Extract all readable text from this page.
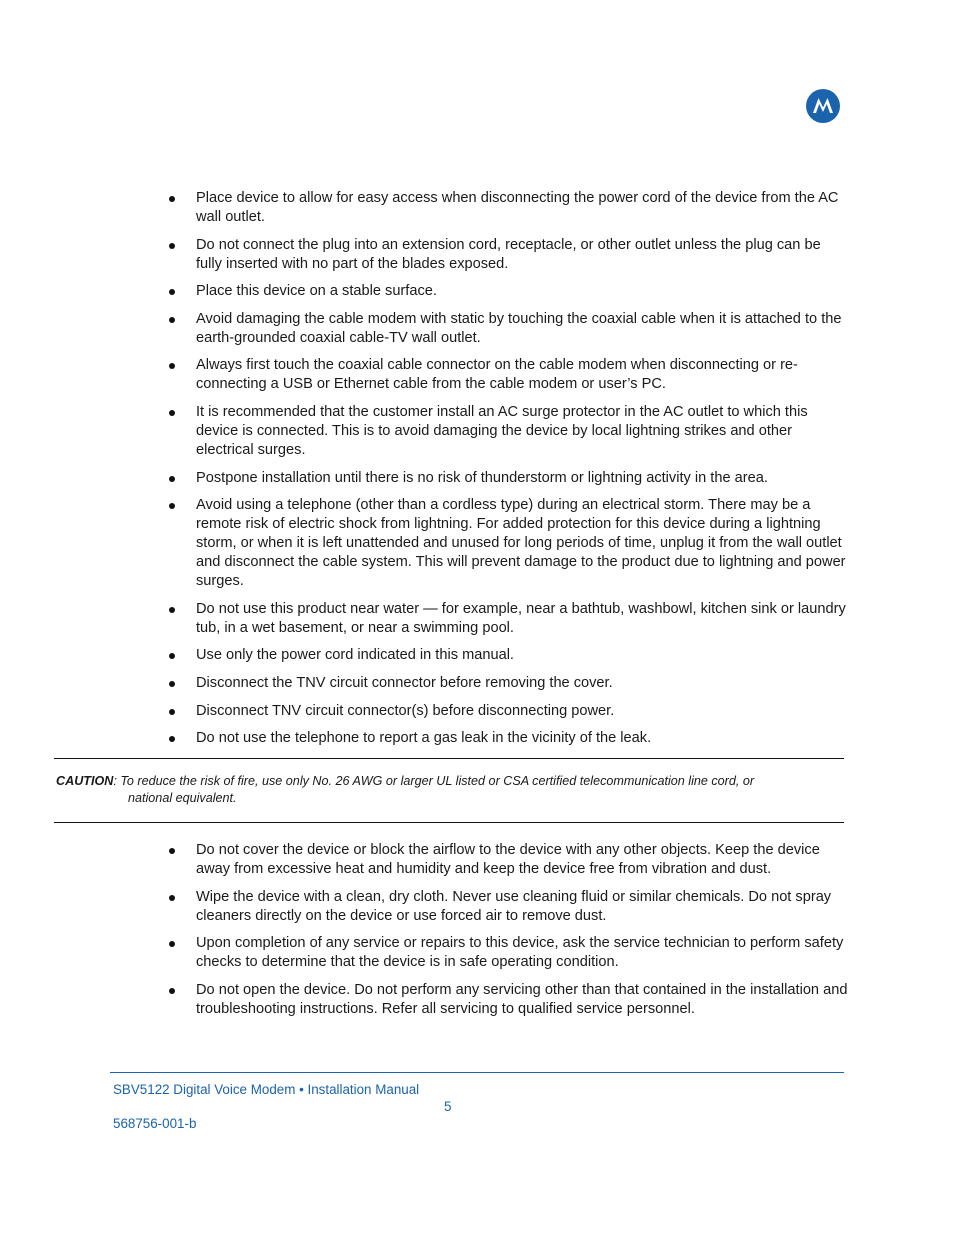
Place device to allow for easy access when disconnecting the power cord of the device from the AC wall outlet.
Do not connect the plug into an extension cord, receptacle, or other outlet unless the plug can be fully inserted with no part of the blades exposed.
Place this device on a stable surface.
Avoid damaging the cable modem with static by touching the coaxial cable when it is attached to the earth-grounded coaxial cable-TV wall outlet.
Always first touch the coaxial cable connector on the cable modem when disconnecting or re-connecting a USB or Ethernet cable from the cable modem or user’s PC.
It is recommended that the customer install an AC surge protector in the AC outlet to which this device is connected. This is to avoid damaging the device by local lightning strikes and other electrical surges.
Postpone installation until there is no risk of thunderstorm or lightning activity in the area.
Avoid using a telephone (other than a cordless type) during an electrical storm. There may be a remote risk of electric shock from lightning. For added protection for this device during a lightning storm, or when it is left unattended and unused for long periods of time, unplug it from the wall outlet and disconnect the cable system. This will prevent damage to the product due to lightning and power surges.
Do not use this product near water — for example, near a bathtub, washbowl, kitchen sink or laundry tub, in a wet basement, or near a swimming pool.
Use only the power cord indicated in this manual.
Disconnect the TNV circuit connector before removing the cover.
Disconnect TNV circuit connector(s) before disconnecting power.
Do not use the telephone to report a gas leak in the vicinity of the leak.
CAUTION: To reduce the risk of fire, use only No. 26 AWG or larger UL listed or CSA certified telecommunication line cord, or
national equivalent.
Do not cover the device or block the airflow to the device with any other objects. Keep the device away from excessive heat and humidity and keep the device free from vibration and dust.
Wipe the device with a clean, dry cloth. Never use cleaning fluid or similar chemicals. Do not spray cleaners directly on the device or use forced air to remove dust.
Upon completion of any service or repairs to this device, ask the service technician to perform safety checks to determine that the device is in safe operating condition.
Do not open the device. Do not perform any servicing other than that contained in the installation and troubleshooting instructions. Refer all servicing to qualified service personnel.
SBV5122 Digital Voice Modem • Installation Manual
5
568756-001-b
